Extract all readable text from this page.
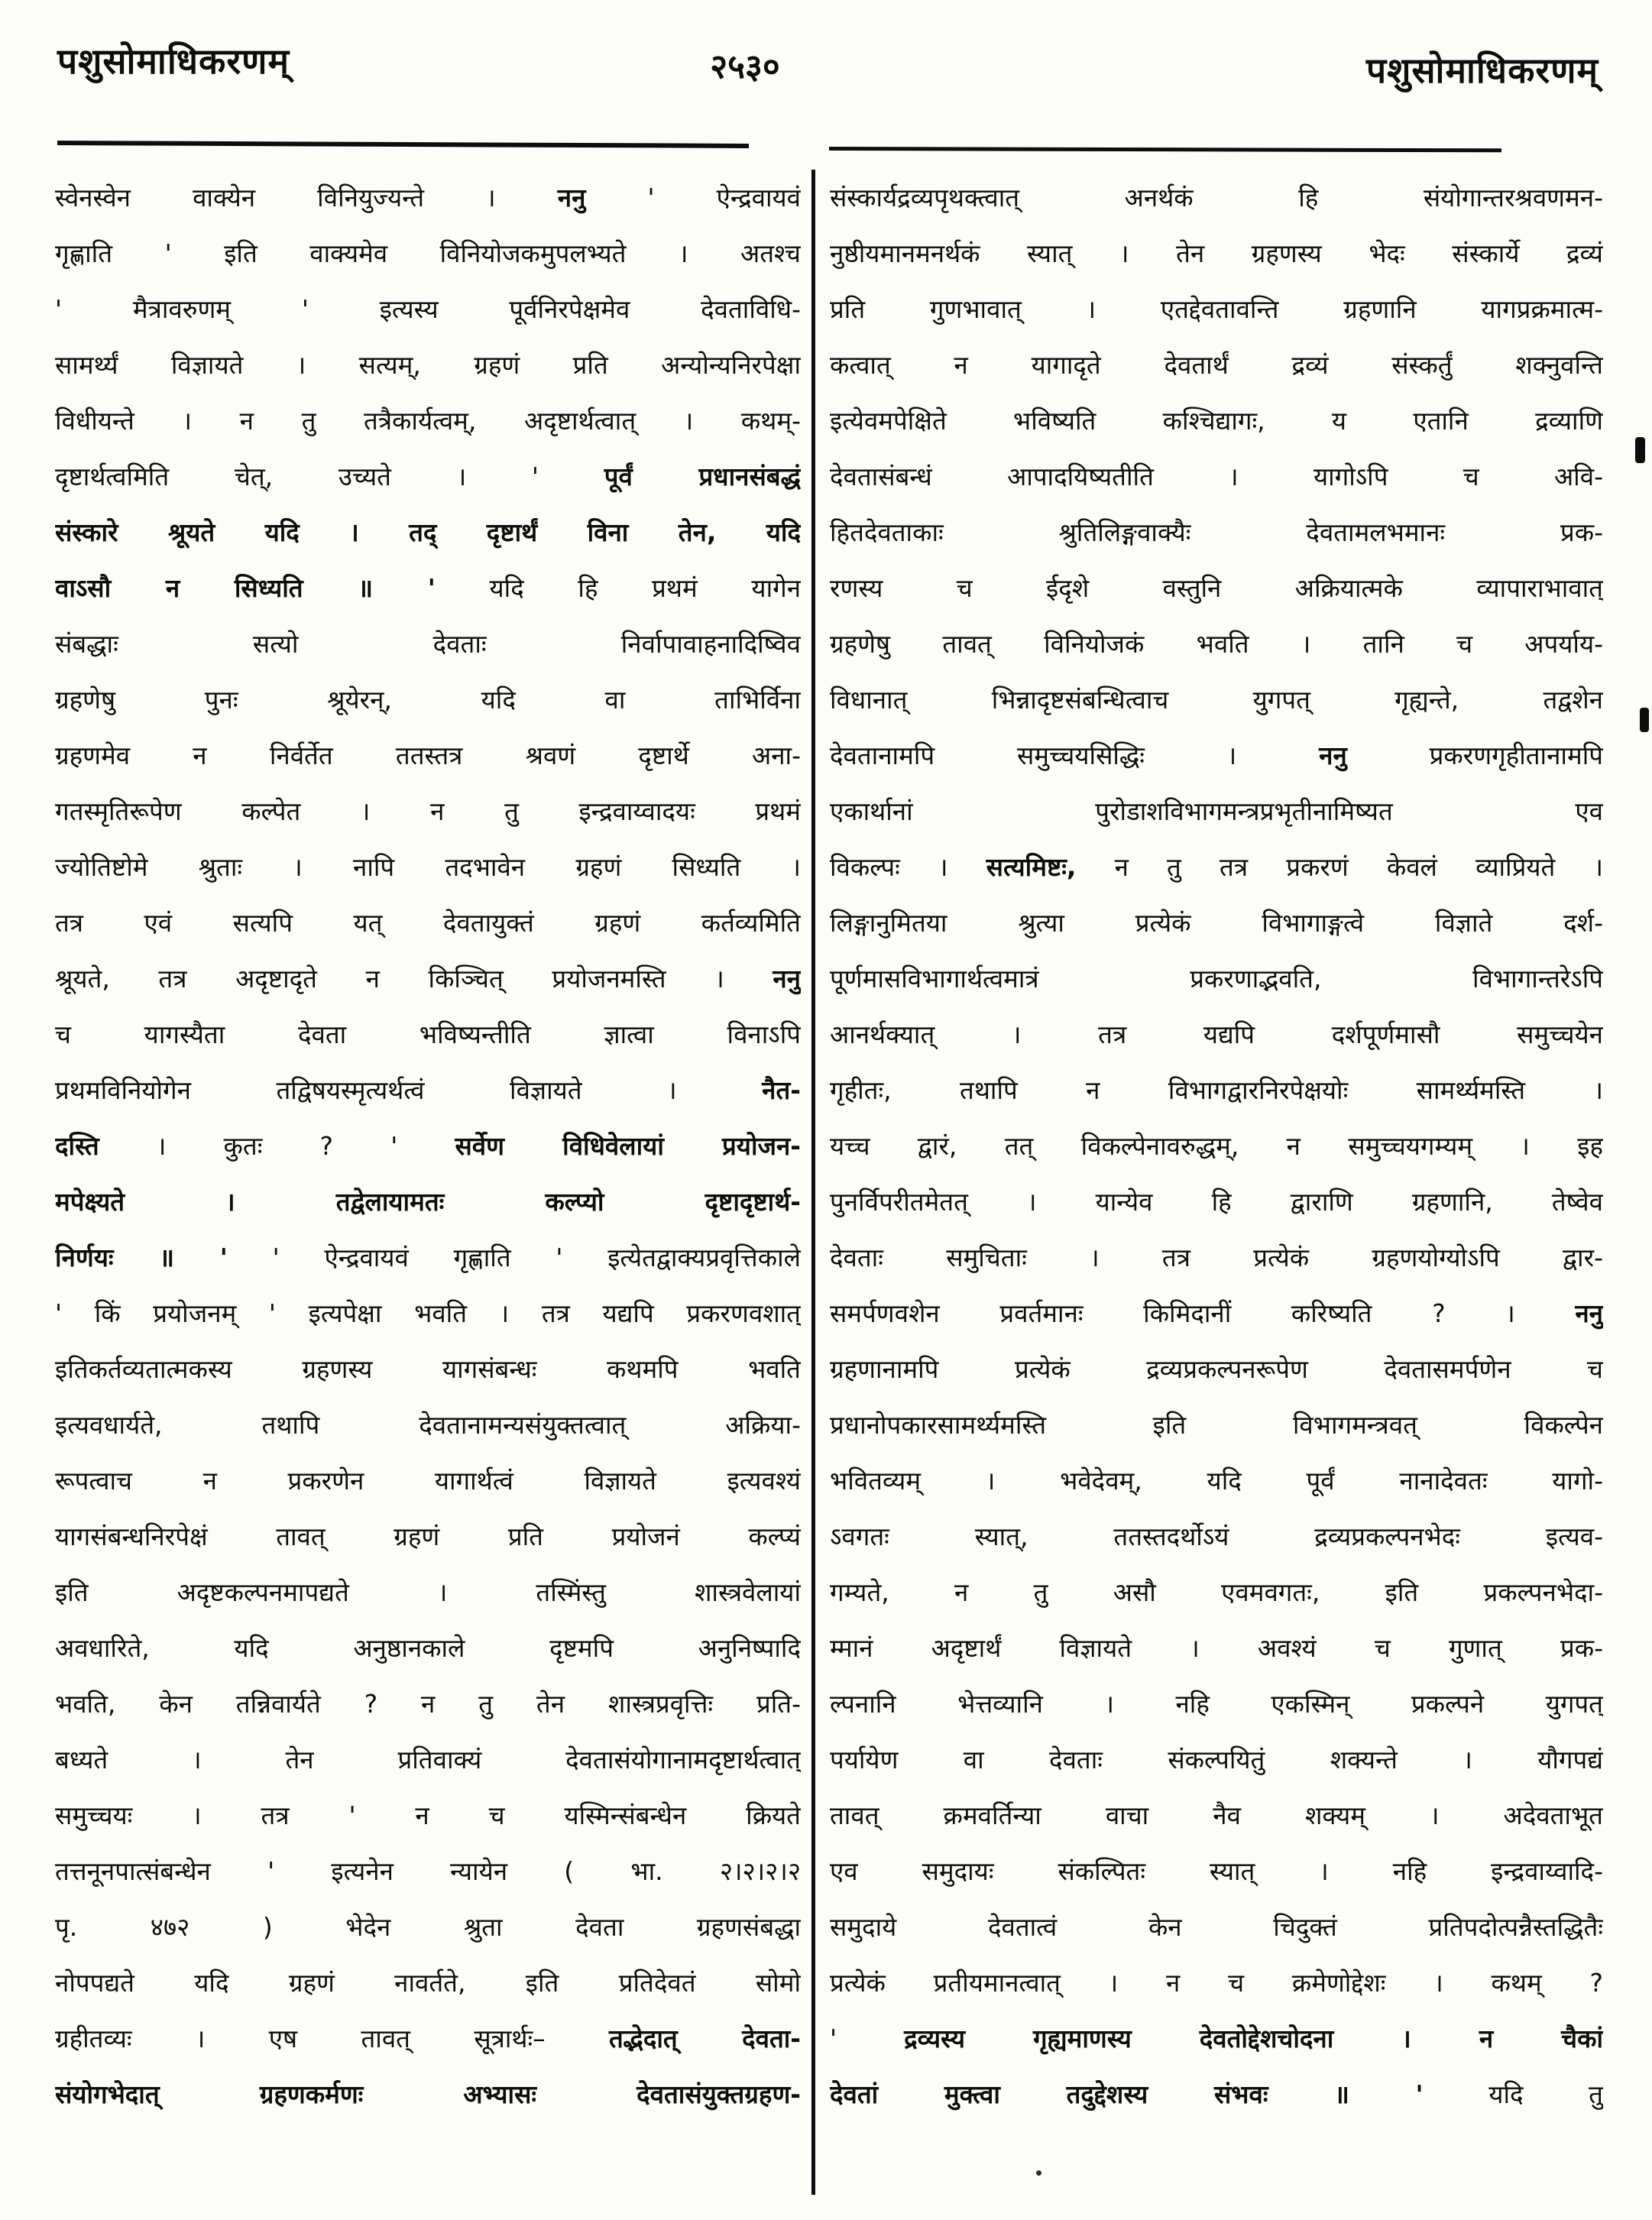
पशुसोमाधिकरणम्	२५३०	पशुसोमाधिकरणम्
स्वेनस्वेन वाक्येन विनियुज्यन्ते । ननु ' ऐन्द्रवायवं
गृह्णाति ' इति वाक्यमेव विनियोजकमुपलभ्यते । अतश्च
' मैत्रावरुणम् ' इत्यस्य पूर्वनिरपेक्षमेव देवताविधि-
सामर्थ्यं विज्ञायते । सत्यम्, ग्रहणं प्रति अन्योन्यनिरपेक्षा
विधीयन्ते । न तु तत्रैकार्यत्वम्, अदृष्टार्थत्वात् । कथम्-
दृष्टार्थत्वमिति चेत्, उच्यते । ' पूर्वं प्रधानसंबद्धं
संस्कारे श्रूयते यदि । तद् दृष्टार्थं विना तेन, यदि
वाऽसौ न सिध्यति ॥ ' यदि हि प्रथमं यागेन
संबद्धाः सत्यो देवताः निर्वापावाहनादिष्विव
ग्रहणेषु पुनः श्रूयेरन्, यदि वा ताभिर्विना
ग्रहणमेव न निर्वर्तेत ततस्तत्र श्रवणं दृष्टार्थे अना-
गतस्मृतिरूपेण कल्पेत । न तु इन्द्रवाय्वादयः प्रथमं
ज्योतिष्टोमे श्रुताः । नापि तदभावेन ग्रहणं सिध्यति ।
तत्र एवं सत्यपि यत् देवतायुक्तं ग्रहणं कर्तव्यमिति
श्रूयते, तत्र अदृष्टादृते न किञ्चित् प्रयोजनमस्ति । ननु
च यागस्यैता देवता भविष्यन्तीति ज्ञात्वा विनाऽपि
प्रथमविनियोगेन तद्विषयस्मृत्यर्थत्वं विज्ञायते । नैत-
दस्ति । कुतः ? ' सर्वेण विधिवेलायां प्रयोजन-
मपेक्ष्यते । तद्वेलायामतः कल्प्यो दृष्टादृष्टार्थ-
निर्णयः ॥ ' ' ऐन्द्रवायवं गृह्णाति ' इत्येतद्वाक्यप्रवृत्तिकाले
' किं प्रयोजनम् ' इत्यपेक्षा भवति । तत्र यद्यपि प्रकरणवशात्
इतिकर्तव्यतात्मकस्य ग्रहणस्य यागसंबन्धः कथमपि भवति
इत्यवधार्यते, तथापि देवतानामन्यसंयुक्तत्वात् अक्रिया-
रूपत्वाच न प्रकरणेन यागार्थत्वं विज्ञायते इत्यवश्यं
यागसंबन्धनिरपेक्षं तावत् ग्रहणं प्रति प्रयोजनं कल्प्यं
इति अदृष्टकल्पनमापद्यते । तस्मिंस्तु शास्त्रवेलायां
अवधारिते, यदि अनुष्ठानकाले दृष्टमपि अनुनिष्पादि
भवति, केन तन्निवार्यते ? न तु तेन शास्त्रप्रवृत्तिः प्रति-
बध्यते । तेन प्रतिवाक्यं देवतासंयोगानामदृष्टार्थत्वात्
समुच्चयः । तत्र ' न च यस्मिन्संबन्धेन क्रियते
तत्तनूनपात्संबन्धेन ' इत्यनेन न्यायेन ( भा. २।२।२।२
पृ. ४७२ ) भेदेन श्रुता देवता ग्रहणसंबद्धा
नोपपद्यते यदि ग्रहणं नावर्तते, इति प्रतिदेवतं सोमो
ग्रहीतव्यः । एष तावत् सूत्रार्थः– तद्भेदात् देवता-
संयोगभेदात् ग्रहणकर्मणः अभ्यासः देवतासंयुक्तग्रहण-
संस्कार्यद्रव्यपृथक्त्वात् अनर्थकं हि संयोगान्तरश्रवणमन-
नुष्ठीयमानमनर्थकं स्यात् । तेन ग्रहणस्य भेदः संस्कार्ये द्रव्यं
प्रति गुणभावात् । एतद्देवतावन्ति ग्रहणानि यागप्रक्रमात्म-
कत्वात् न यागादृते देवतार्थं द्रव्यं संस्कर्तुं शक्नुवन्ति
इत्येवमपेक्षिते भविष्यति कश्चिद्यागः, य एतानि द्रव्याणि
देवतासंबन्धं आपादयिष्यतीति । यागोऽपि च अवि-
हितदेवताकाः श्रुतिलिङ्गवाक्यैः देवतामलभमानः प्रक-
रणस्य च ईदृशे वस्तुनि अक्रियात्मके व्यापाराभावात्
ग्रहणेषु तावत् विनियोजकं भवति । तानि च अपर्याय-
विधानात् भिन्नादृष्टसंबन्धित्वाच युगपत् गृह्यन्ते, तद्वशेन
देवतानामपि समुच्चयसिद्धिः । ननु प्रकरणगृहीतानामपि
एकार्थानां पुरोडाशविभागमन्त्रप्रभृतीनामिष्यत एव
विकल्पः । सत्यमिष्टः, न तु तत्र प्रकरणं केवलं व्याप्रियते ।
लिङ्गानुमितया श्रुत्या प्रत्येकं विभागाङ्गत्वे विज्ञाते दर्श-
पूर्णमासविभागार्थत्वमात्रं प्रकरणाद्भवति, विभागान्तरेऽपि
आनर्थक्यात् । तत्र यद्यपि दर्शपूर्णमासौ समुच्चयेन
गृहीतः, तथापि न विभागद्वारनिरपेक्षयोः सामर्थ्यमस्ति ।
यच्च द्वारं, तत् विकल्पेनावरुद्धम्, न समुच्चयगम्यम् । इह
पुनर्विपरीतमेतत् । यान्येव हि द्वाराणि ग्रहणानि, तेष्वेव
देवताः समुचिताः । तत्र प्रत्येकं ग्रहणयोग्योऽपि द्वार-
समर्पणवशेन प्रवर्तमानः किमिदानीं करिष्यति ? । ननु
ग्रहणानामपि प्रत्येकं द्रव्यप्रकल्पनरूपेण देवतासमर्पणेन च
प्रधानोपकारसामर्थ्यमस्ति इति विभागमन्त्रवत् विकल्पेन
भवितव्यम् । भवेदेवम्, यदि पूर्वं नानादेवतः यागो-
ऽवगतः स्यात्, ततस्तदर्थोऽयं द्रव्यप्रकल्पनभेदः इत्यव-
गम्यते, न तु असौ एवमवगतः, इति प्रकल्पनभेदा-
म्मानं अदृष्टार्थं विज्ञायते । अवश्यं च गुणात् प्रक-
ल्पनानि भेत्तव्यानि । नहि एकस्मिन् प्रकल्पने युगपत्
पर्यायेण वा देवताः संकल्पयितुं शक्यन्ते । यौगपद्यं
तावत् क्रमवर्तिन्या वाचा नैव शक्यम् । अदेवताभूत
एव समुदायः संकल्पितः स्यात् । नहि इन्द्रवाय्वादि-
समुदाये देवतात्वं केन चिदुक्तं प्रतिपदोत्पन्नैस्तद्धितैः
प्रत्येकं प्रतीयमानत्वात् । न च क्रमेणोद्देशः । कथम् ?
' द्रव्यस्य गृह्यमाणस्य देवतोद्देशचोदना । न चैकां
देवतां मुक्त्वा तदुद्देशस्य संभवः ॥ ' यदि तु
